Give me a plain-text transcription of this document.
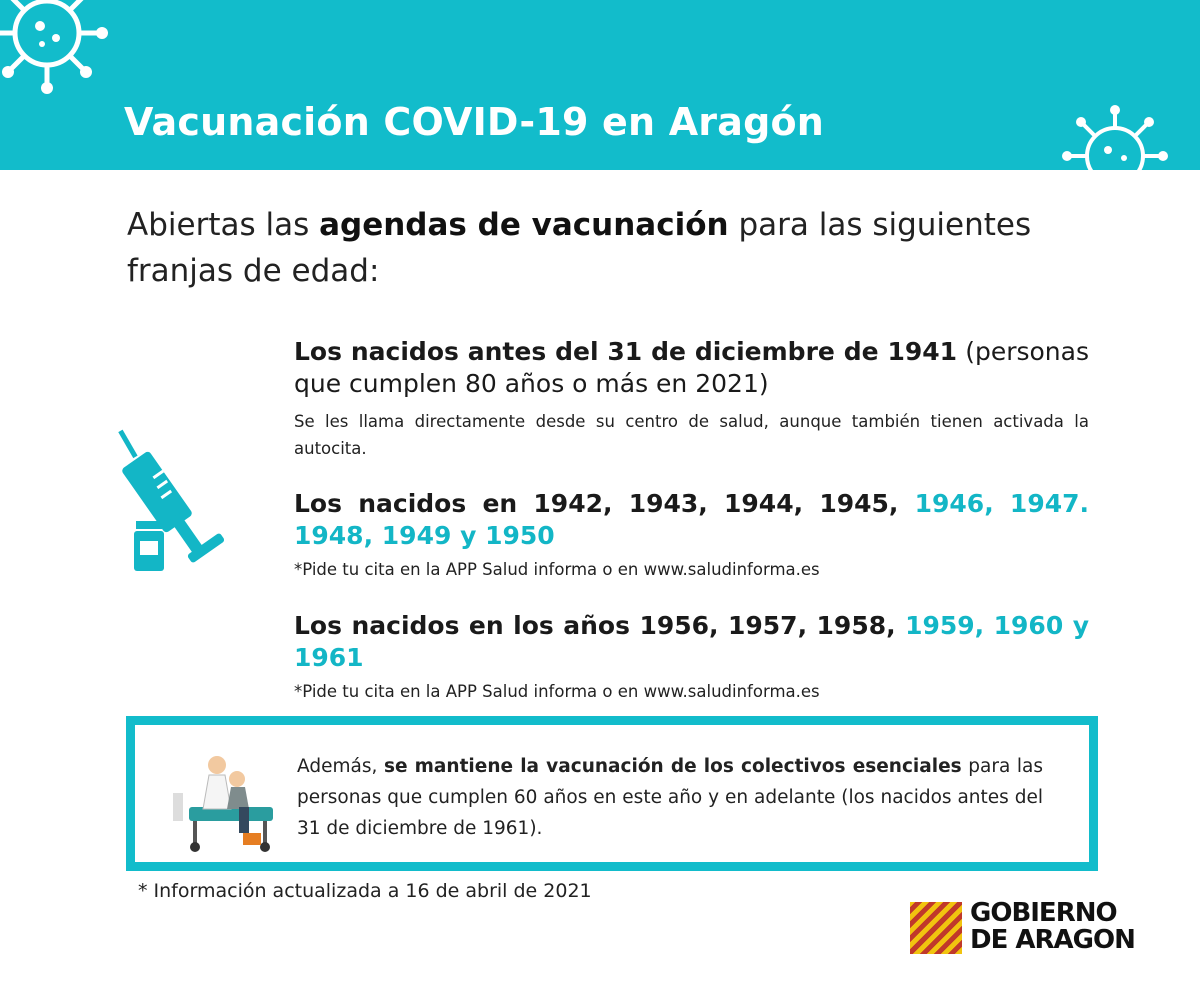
Vacunación COVID-19 en Aragón
Abiertas las agendas de vacunación para las siguientes franjas de edad:
Los nacidos antes del 31 de diciembre de 1941 (personas que cumplen 80 años o más en 2021)
Se les llama directamente desde su centro de salud, aunque también tienen activada la autocita.
Los nacidos en 1942, 1943, 1944, 1945, 1946, 1947. 1948, 1949 y 1950
*Pide tu cita en la APP Salud informa o en www.saludinforma.es
Los nacidos en los años 1956, 1957, 1958, 1959, 1960 y 1961
*Pide tu cita en la APP Salud informa o en www.saludinforma.es
Además, se mantiene la vacunación de los colectivos esenciales para las personas que cumplen 60 años en este año y en adelante (los nacidos antes del 31 de diciembre de 1961).
* Información actualizada a 16 de abril de 2021
GOBIERNO
DE ARAGON
